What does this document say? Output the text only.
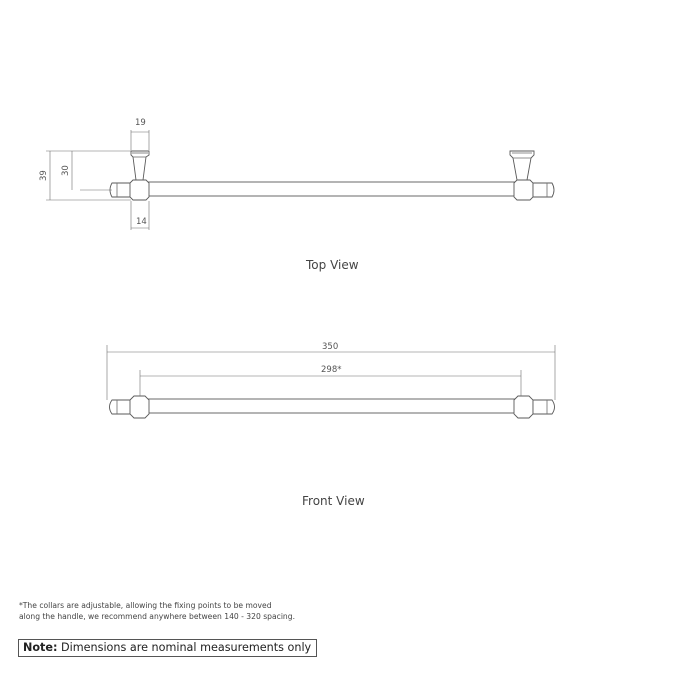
19
14
39 30
Top View
350
298*
Front View
*The collars are adjustable, allowing the fixing points to be moved
along the handle, we recommend anywhere between 140 - 320 spacing.
Note: Dimensions are nominal measurements only
